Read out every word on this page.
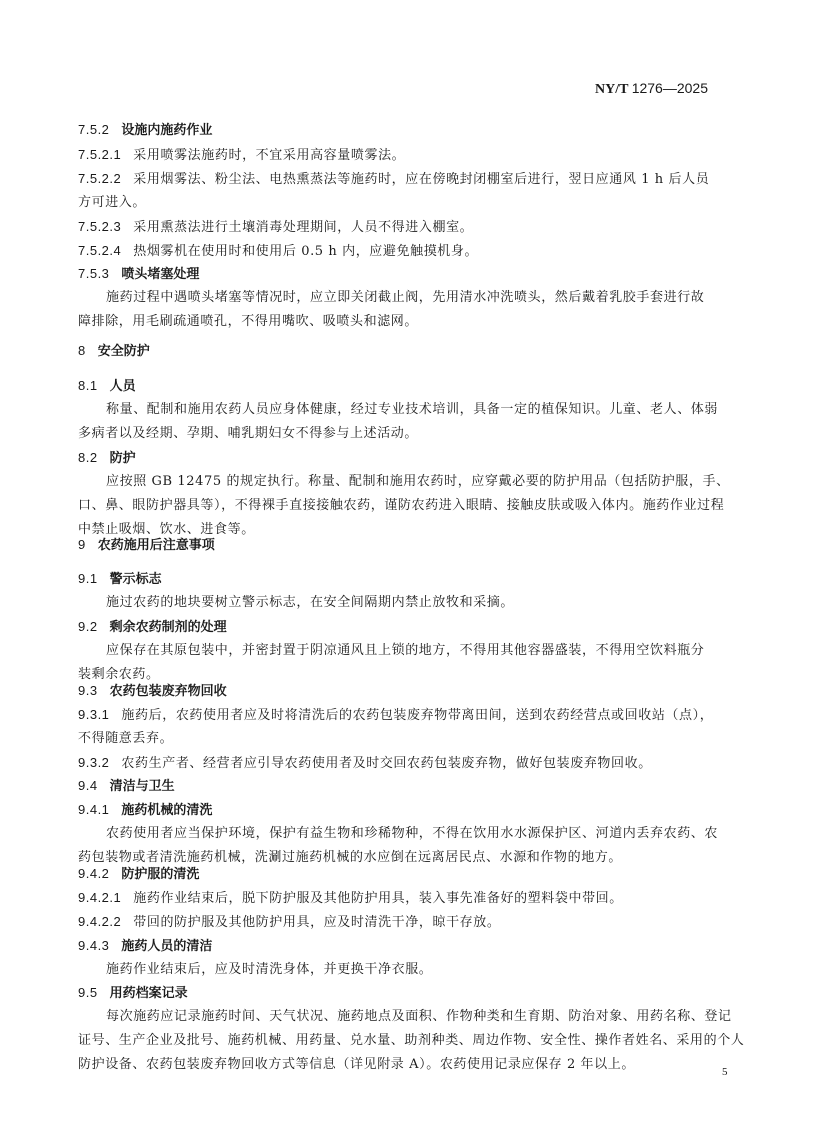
NY/T 1276—2025
7.5.2 设施内施药作业
7.5.2.1 采用喷雾法施药时，不宜采用高容量喷雾法。
7.5.2.2 采用烟雾法、粉尘法、电热熏蒸法等施药时，应在傍晚封闭棚室后进行，翌日应通风 1 h 后人员
方可进入。
7.5.2.3 采用熏蒸法进行土壤消毒处理期间，人员不得进入棚室。
7.5.2.4 热烟雾机在使用时和使用后 0.5 h 内，应避免触摸机身。
7.5.3 喷头堵塞处理
施药过程中遇喷头堵塞等情况时，应立即关闭截止阀，先用清水冲洗喷头，然后戴着乳胶手套进行故
障排除，用毛刷疏通喷孔，不得用嘴吹、吸喷头和滤网。
8 安全防护
8.1 人员
称量、配制和施用农药人员应身体健康，经过专业技术培训，具备一定的植保知识。儿童、老人、体弱
多病者以及经期、孕期、哺乳期妇女不得参与上述活动。
8.2 防护
应按照 GB 12475 的规定执行。称量、配制和施用农药时，应穿戴必要的防护用品（包括防护服，手、
口、鼻、眼防护器具等），不得裸手直接接触农药，谨防农药进入眼睛、接触皮肤或吸入体内。施药作业过程
中禁止吸烟、饮水、进食等。
9 农药施用后注意事项
9.1 警示标志
施过农药的地块要树立警示标志，在安全间隔期内禁止放牧和采摘。
9.2 剩余农药制剂的处理
应保存在其原包装中，并密封置于阴凉通风且上锁的地方，不得用其他容器盛装，不得用空饮料瓶分
装剩余农药。
9.3 农药包装废弃物回收
9.3.1 施药后，农药使用者应及时将清洗后的农药包装废弃物带离田间，送到农药经营点或回收站（点），
不得随意丢弃。
9.3.2 农药生产者、经营者应引导农药使用者及时交回农药包装废弃物，做好包装废弃物回收。
9.4 清洁与卫生
9.4.1 施药机械的清洗
农药使用者应当保护环境，保护有益生物和珍稀物种，不得在饮用水水源保护区、河道内丢弃农药、农
药包装物或者清洗施药机械，洗涮过施药机械的水应倒在远离居民点、水源和作物的地方。
9.4.2 防护服的清洗
9.4.2.1 施药作业结束后，脱下防护服及其他防护用具，装入事先准备好的塑料袋中带回。
9.4.2.2 带回的防护服及其他防护用具，应及时清洗干净，晾干存放。
9.4.3 施药人员的清洁
施药作业结束后，应及时清洗身体，并更换干净衣服。
9.5 用药档案记录
每次施药应记录施药时间、天气状况、施药地点及面积、作物种类和生育期、防治对象、用药名称、登记
证号、生产企业及批号、施药机械、用药量、兑水量、助剂种类、周边作物、安全性、操作者姓名、采用的个人
防护设备、农药包装废弃物回收方式等信息（详见附录 A）。农药使用记录应保存 2 年以上。	5
